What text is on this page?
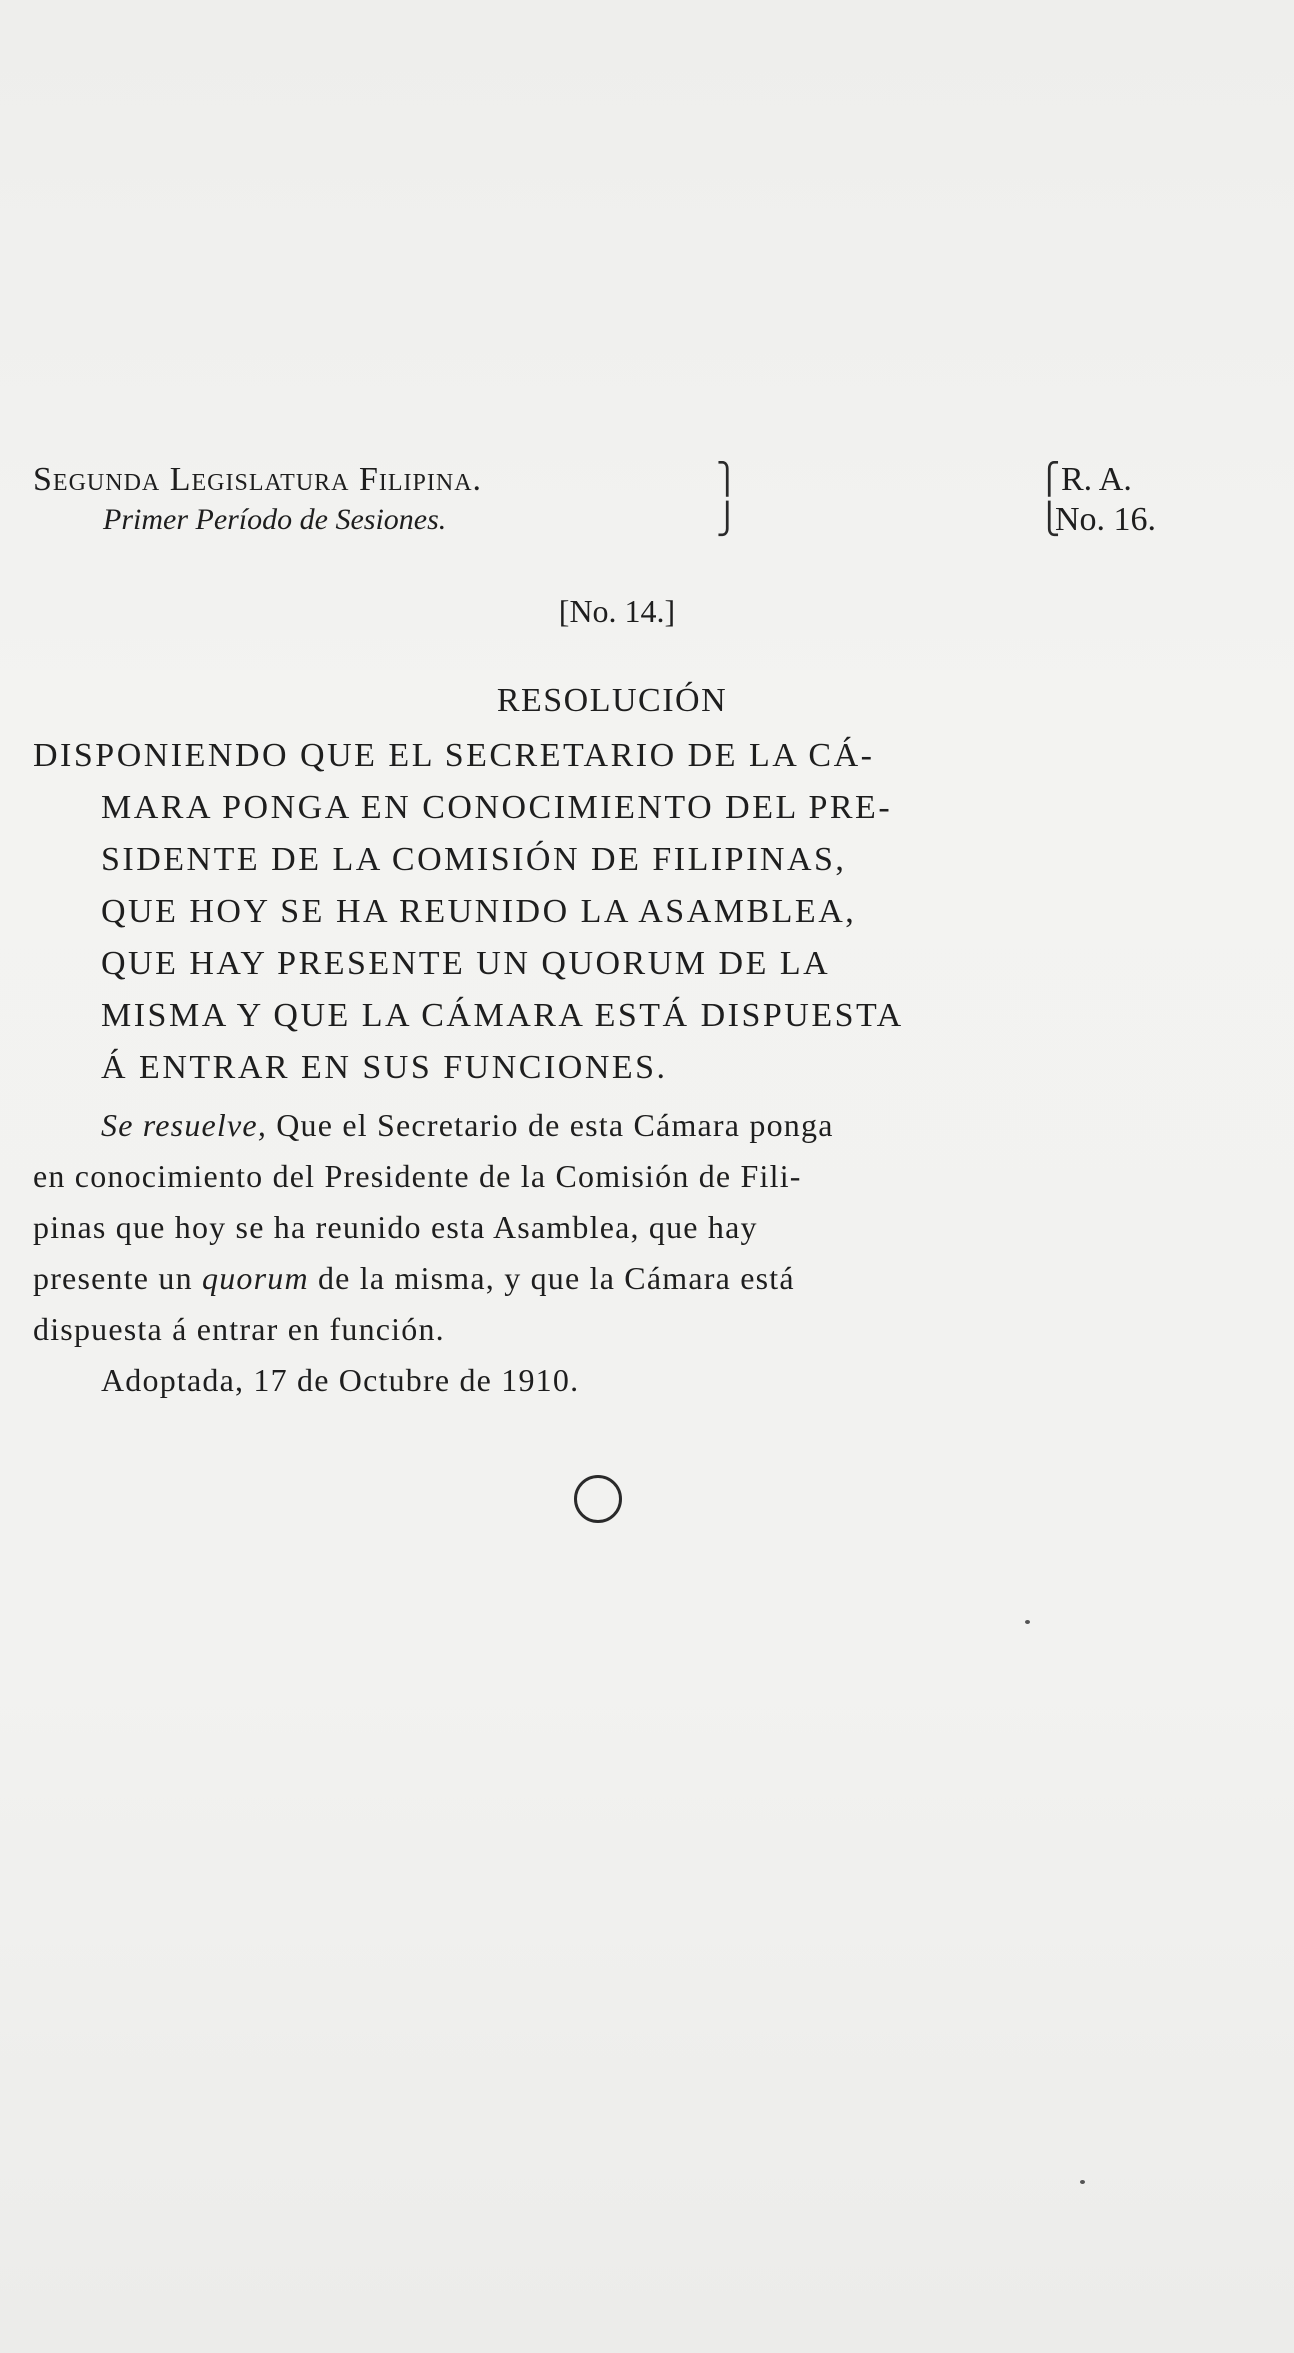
Segunda Legislatura Filipina.
Primer Período de Sesiones.
⎫
⎭
⎧
⎩
R. A.
No. 16.
[No. 14.]
RESOLUCIÓN
DISPONIENDO QUE EL SECRETARIO DE LA CÁ-
MARA PONGA EN CONOCIMIENTO DEL PRE-
SIDENTE DE LA COMISIÓN DE FILIPINAS,
QUE HOY SE HA REUNIDO LA ASAMBLEA,
QUE HAY PRESENTE UN QUORUM DE LA
MISMA Y QUE LA CÁMARA ESTÁ DISPUESTA
Á ENTRAR EN SUS FUNCIONES.
Se resuelve, Que el Secretario de esta Cámara ponga
en conocimiento del Presidente de la Comisión de Fili-
pinas que hoy se ha reunido esta Asamblea, que hay
presente un quorum de la misma, y que la Cámara está
dispuesta á entrar en función.
Adoptada, 17 de Octubre de 1910.
